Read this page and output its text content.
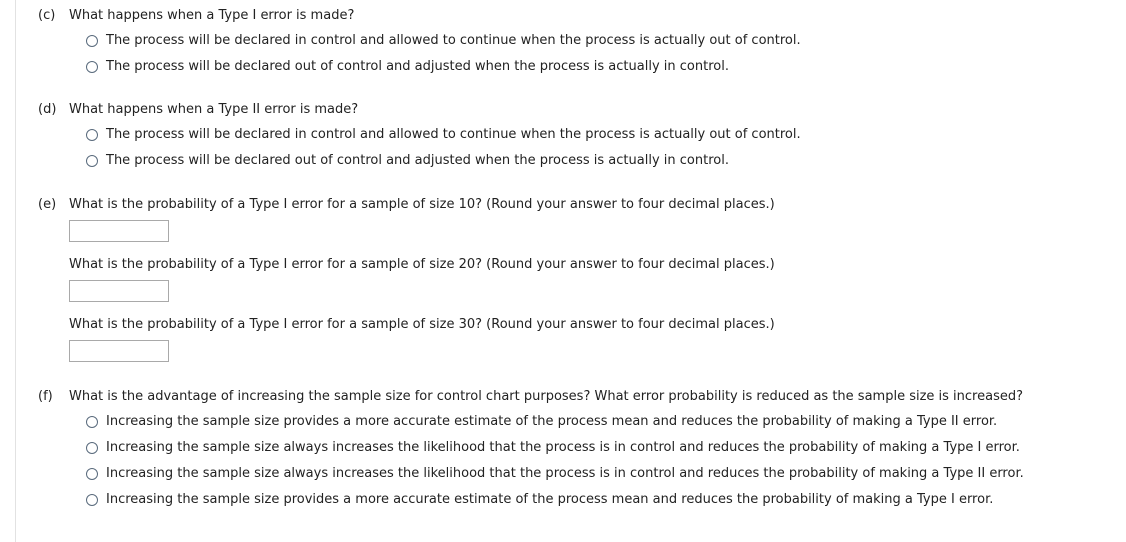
(c) What happens when a Type I error is made?
The process will be declared in control and allowed to continue when the process is actually out of control.
The process will be declared out of control and adjusted when the process is actually in control.
(d) What happens when a Type II error is made?
The process will be declared in control and allowed to continue when the process is actually out of control.
The process will be declared out of control and adjusted when the process is actually in control.
(e) What is the probability of a Type I error for a sample of size 10? (Round your answer to four decimal places.)
What is the probability of a Type I error for a sample of size 20? (Round your answer to four decimal places.)
What is the probability of a Type I error for a sample of size 30? (Round your answer to four decimal places.)
(f) What is the advantage of increasing the sample size for control chart purposes? What error probability is reduced as the sample size is increased?
Increasing the sample size provides a more accurate estimate of the process mean and reduces the probability of making a Type II error.
Increasing the sample size always increases the likelihood that the process is in control and reduces the probability of making a Type I error.
Increasing the sample size always increases the likelihood that the process is in control and reduces the probability of making a Type II error.
Increasing the sample size provides a more accurate estimate of the process mean and reduces the probability of making a Type I error.
